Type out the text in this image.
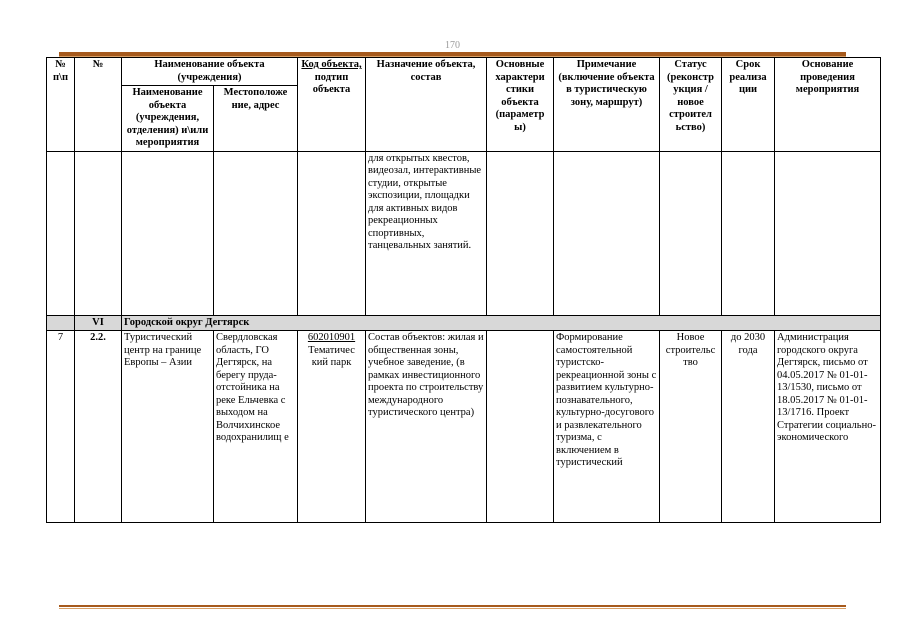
170
№ п\п	№	Наименование объекта (учреждения)		Код объекта,
подтип объекта	Назначение объекта, состав	Основные характери стики объекта (параметр ы)	Примечание (включение объекта в туристическую зону, маршрут)	Статус (реконстр укция / новое строител ьство)	Срок реализа ции	Основание проведения мероприятия
		Наименование объекта (учреждения, отделения) и\или мероприятия	Местоположе ние, адрес							
					для открытых квестов, видеозал, интерактивные студии, открытые экспозиции, площадки для активных видов рекреационных спортивных, танцевальных занятий.					
	VI	Городской округ Дегтярск								
7	2.2.	Туристический центр на границе Европы – Азии	Свердловская область, ГО Дегтярск, на берегу пруда-отстойника на реке Ельчевка с выходом на Волчихинское водохранилищ е	602010901
Тематичес кий парк	Состав объектов: жилая и общественная зоны, учебное заведение, (в рамках инвестиционного проекта по строительству международного туристического центра)		Формирование самостоятельной туристско-рекреационной зоны с развитием культурно-познавательного, культурно-досугового и развлекательного туризма, с включением в туристический	Новое строительс тво	до 2030 года	Администрация городского округа Дегтярск, письмо от 04.05.2017 № 01-01-13/1530, письмо от 18.05.2017 № 01-01-13/1716. Проект Стратегии социально-экономического
